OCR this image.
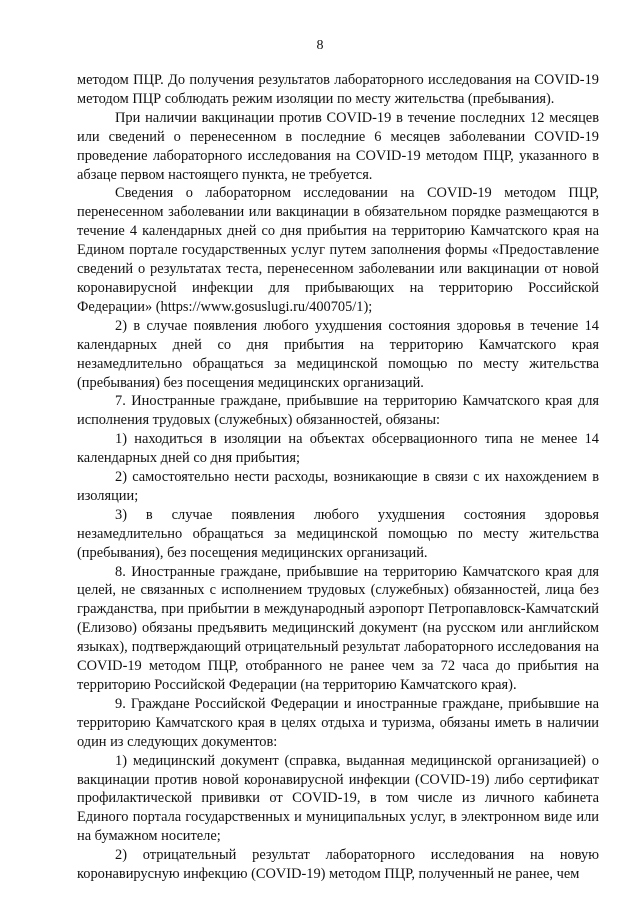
8

методом ПЦР. До получения результатов лабораторного исследования на COVID-19 методом ПЦР соблюдать режим изоляции по месту жительства (пребывания).

При наличии вакцинации против COVID-19 в течение последних 12 месяцев или сведений о перенесенном в последние 6 месяцев заболевании COVID-19 проведение лабораторного исследования на COVID-19 методом ПЦР, указанного в абзаце первом настоящего пункта, не требуется.

Сведения о лабораторном исследовании на COVID-19 методом ПЦР, перенесенном заболевании или вакцинации в обязательном порядке размещаются в течение 4 календарных дней со дня прибытия на территорию Камчатского края на Едином портале государственных услуг путем заполнения формы «Предоставление сведений о результатах теста, перенесенном заболевании или вакцинации от новой коронавирусной инфекции для прибывающих на территорию Российской Федерации» (https://www.gosuslugi.ru/400705/1);

2) в случае появления любого ухудшения состояния здоровья в течение 14 календарных дней со дня прибытия на территорию Камчатского края незамедлительно обращаться за медицинской помощью по месту жительства (пребывания) без посещения медицинских организаций.

7. Иностранные граждане, прибывшие на территорию Камчатского края для исполнения трудовых (служебных) обязанностей, обязаны:

1) находиться в изоляции на объектах обсервационного типа не менее 14 календарных дней со дня прибытия;

2) самостоятельно нести расходы, возникающие в связи с их нахождением в изоляции;

3) в случае появления любого ухудшения состояния здоровья незамедлительно обращаться за медицинской помощью по месту жительства (пребывания), без посещения медицинских организаций.

8. Иностранные граждане, прибывшие на территорию Камчатского края для целей, не связанных с исполнением трудовых (служебных) обязанностей, лица без гражданства, при прибытии в международный аэропорт Петропавловск-Камчатский (Елизово) обязаны предъявить медицинский документ (на русском или английском языках), подтверждающий отрицательный результат лабораторного исследования на COVID-19 методом ПЦР, отобранного не ранее чем за 72 часа до прибытия на территорию Российской Федерации (на территорию Камчатского края).

9. Граждане Российской Федерации и иностранные граждане, прибывшие на территорию Камчатского края в целях отдыха и туризма, обязаны иметь в наличии один из следующих документов:

1) медицинский документ (справка, выданная медицинской организацией) о вакцинации против новой коронавирусной инфекции (COVID-19) либо сертификат профилактической прививки от COVID-19, в том числе из личного кабинета Единого портала государственных и муниципальных услуг, в электронном виде или на бумажном носителе;

2) отрицательный результат лабораторного исследования на новую коронавирусную инфекцию (COVID-19) методом ПЦР, полученный не ранее, чем
